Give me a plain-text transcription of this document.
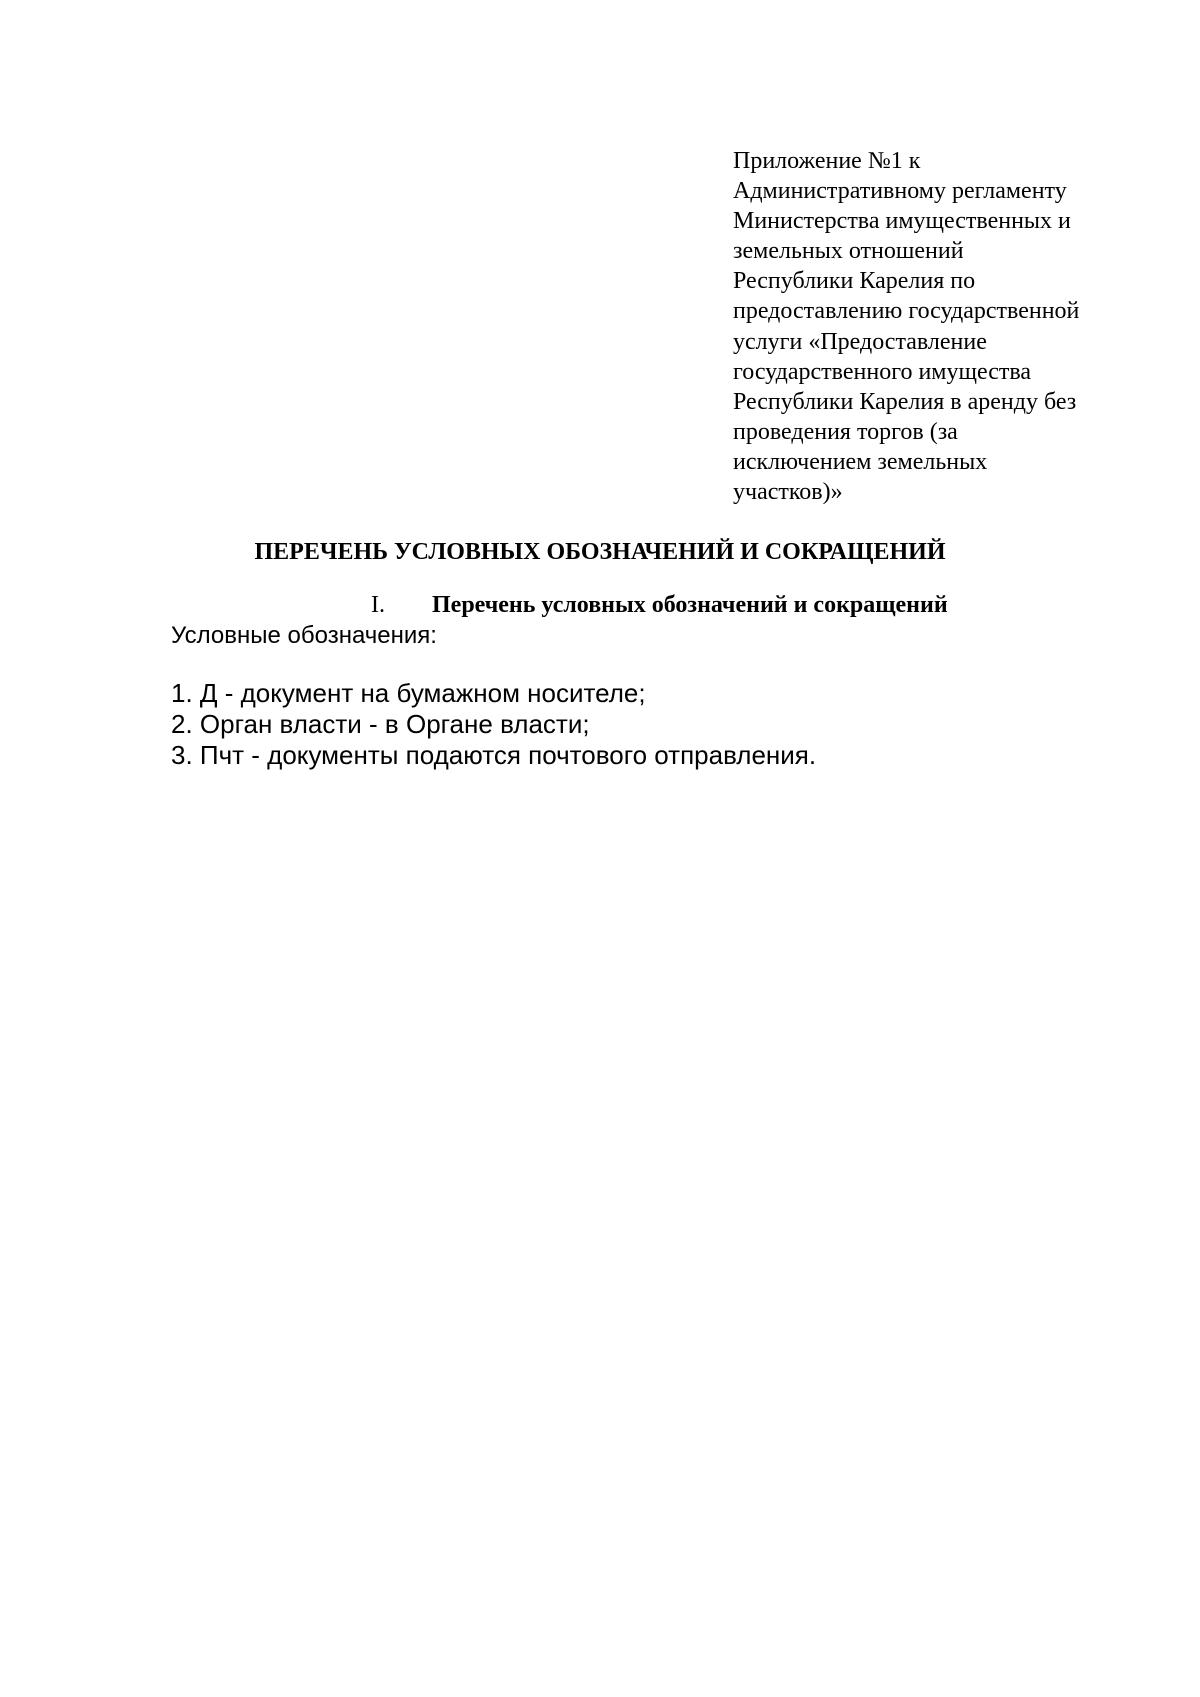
Приложение №1 к
Административному регламенту
Министерства имущественных и
земельных отношений
Республики Карелия по
предоставлению государственной
услуги «Предоставление
государственного имущества
Республики Карелия в аренду без
проведения торгов (за
исключением земельных
участков)»
ПЕРЕЧЕНЬ УСЛОВНЫХ ОБОЗНАЧЕНИЙ И СОКРАЩЕНИЙ
I. Перечень условных обозначений и сокращений
Условные обозначения:
1. Д - документ на бумажном носителе;
2. Орган власти - в Органе власти;
3. Пчт - документы подаются почтового отправления.
